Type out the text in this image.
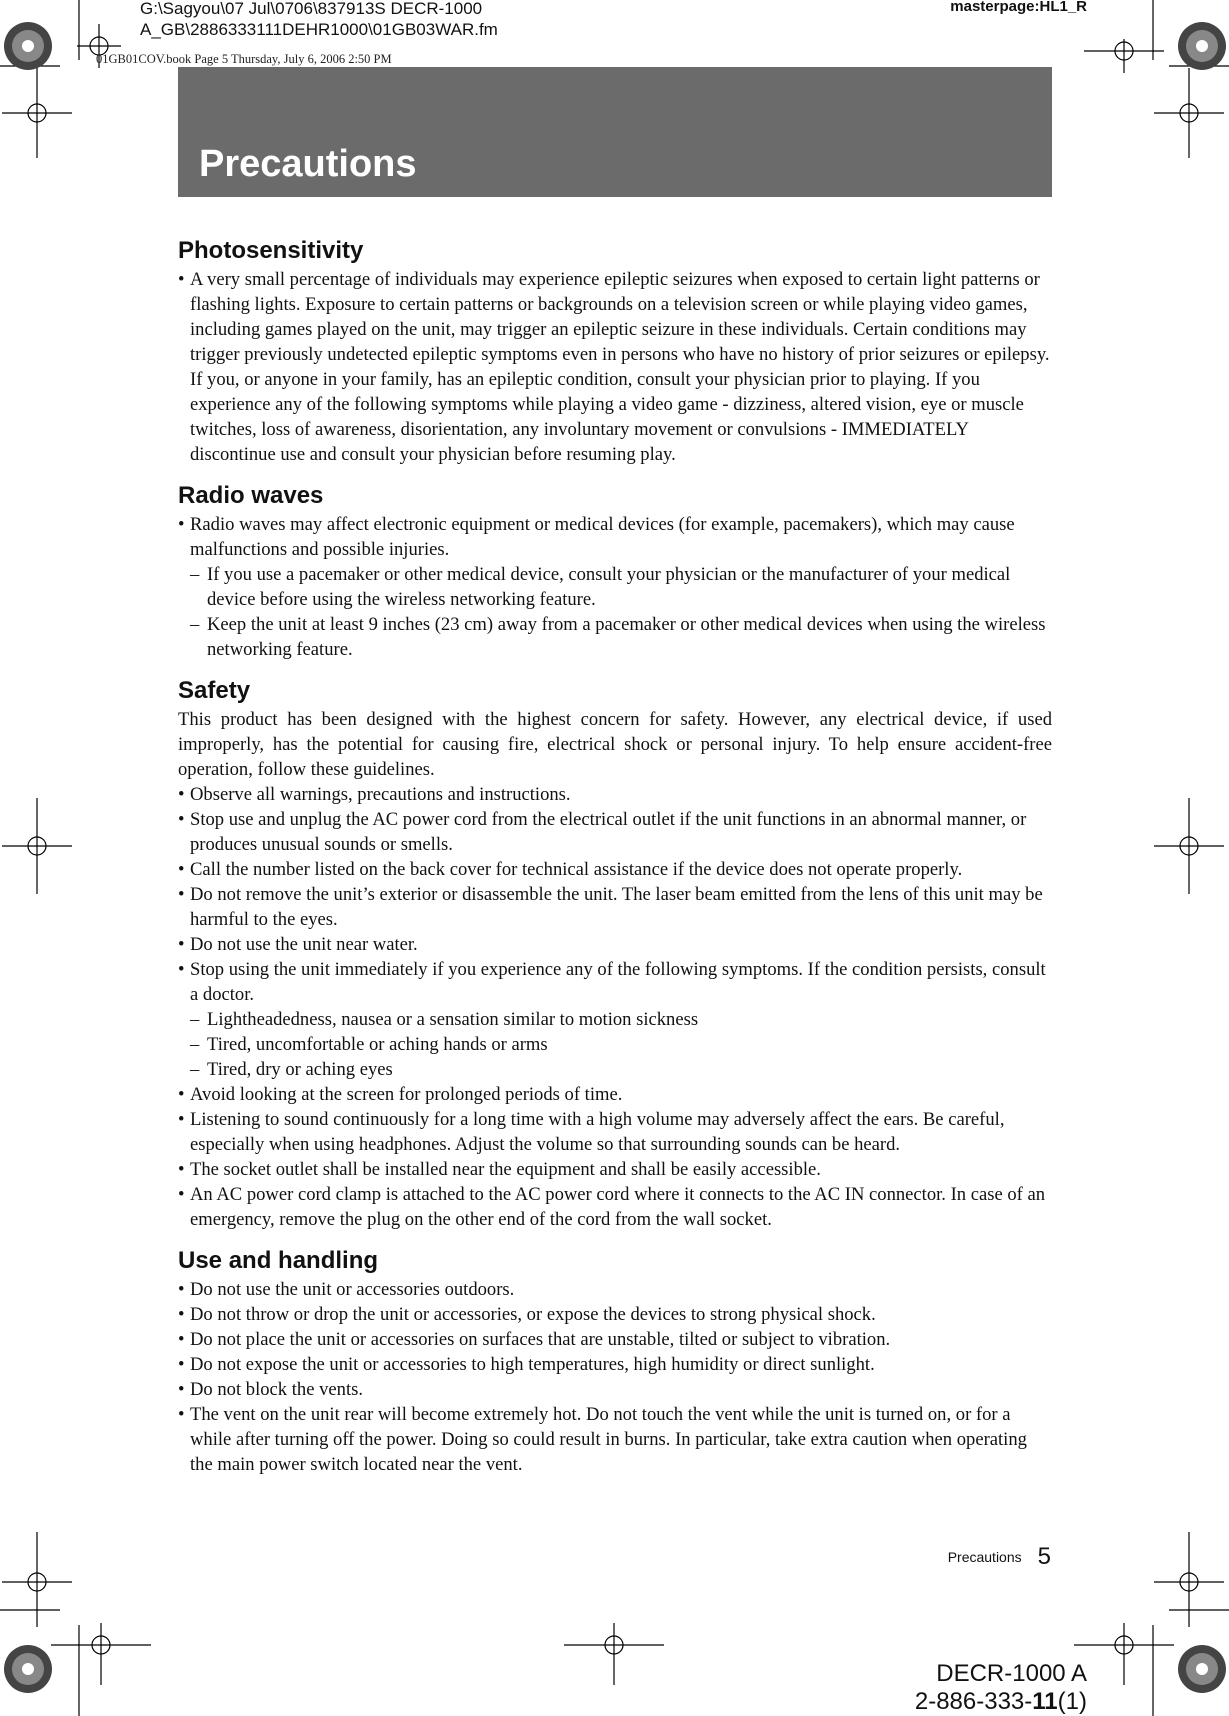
G:\Sagyou\07 Jul\0706\837913S DECR-1000
A_GB\2886333111DEHR1000\01GB03WAR.fm
masterpage:HL1_R
01GB01COV.book Page 5 Thursday, July 6, 2006 2:50 PM
Precautions
Photosensitivity
• A very small percentage of individuals may experience epileptic seizures when exposed to certain light patterns or flashing lights. Exposure to certain patterns or backgrounds on a television screen or while playing video games, including games played on the unit, may trigger an epileptic seizure in these individuals. Certain conditions may trigger previously undetected epileptic symptoms even in persons who have no history of prior seizures or epilepsy. If you, or anyone in your family, has an epileptic condition, consult your physician prior to playing. If you experience any of the following symptoms while playing a video game - dizziness, altered vision, eye or muscle twitches, loss of awareness, disorientation, any involuntary movement or convulsions - IMMEDIATELY discontinue use and consult your physician before resuming play.
Radio waves
• Radio waves may affect electronic equipment or medical devices (for example, pacemakers), which may cause malfunctions and possible injuries.
– If you use a pacemaker or other medical device, consult your physician or the manufacturer of your medical device before using the wireless networking feature.
– Keep the unit at least 9 inches (23 cm) away from a pacemaker or other medical devices when using the wireless networking feature.
Safety

This product has been designed with the highest concern for safety. However, any electrical device, if used improperly, has the potential for causing fire, electrical shock or personal injury. To help ensure accident-free operation, follow these guidelines.

• Observe all warnings, precautions and instructions.
• Stop use and unplug the AC power cord from the electrical outlet if the unit functions in an abnormal manner, or produces unusual sounds or smells.
• Call the number listed on the back cover for technical assistance if the device does not operate properly.
• Do not remove the unit’s exterior or disassemble the unit. The laser beam emitted from the lens of this unit may be harmful to the eyes.
• Do not use the unit near water.
• Stop using the unit immediately if you experience any of the following symptoms. If the condition persists, consult a doctor.
– Lightheadedness, nausea or a sensation similar to motion sickness
– Tired, uncomfortable or aching hands or arms
– Tired, dry or aching eyes
• Avoid looking at the screen for prolonged periods of time.
• Listening to sound continuously for a long time with a high volume may adversely affect the ears. Be careful, especially when using headphones. Adjust the volume so that surrounding sounds can be heard.
• The socket outlet shall be installed near the equipment and shall be easily accessible.
• An AC power cord clamp is attached to the AC power cord where it connects to the AC IN connector. In case of an emergency, remove the plug on the other end of the cord from the wall socket.
Use and handling
• Do not use the unit or accessories outdoors.
• Do not throw or drop the unit or accessories, or expose the devices to strong physical shock.
• Do not place the unit or accessories on surfaces that are unstable, tilted or subject to vibration.
• Do not expose the unit or accessories to high temperatures, high humidity or direct sunlight.
• Do not block the vents.
• The vent on the unit rear will become extremely hot. Do not touch the vent while the unit is turned on, or for a while after turning off the power. Doing so could result in burns. In particular, take extra caution when operating the main power switch located near the vent.
Precautions 5
DECR-1000 A
2-886-333-11(1)
